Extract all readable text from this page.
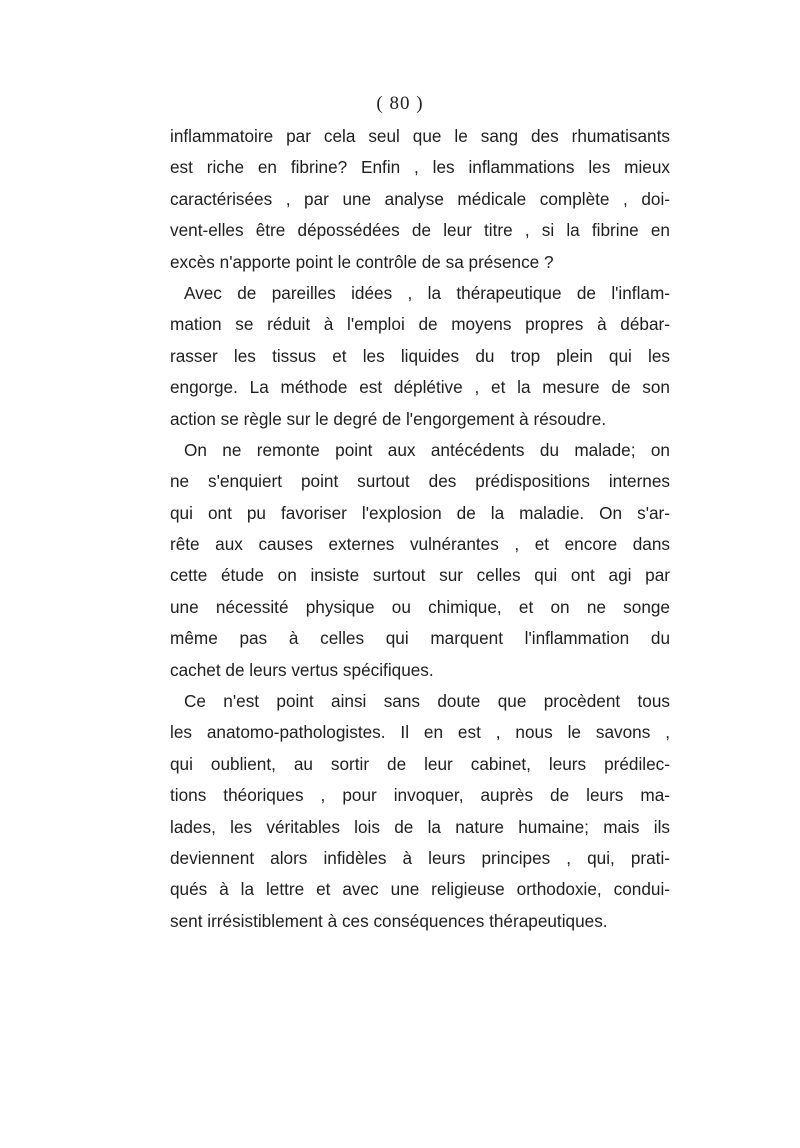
( 80 )
inflammatoire par cela seul que le sang des rhumatisants
est riche en fibrine? Enfin , les inflammations les mieux
caractérisées , par une analyse médicale complète , doi-
vent-elles être dépossédées de leur titre , si la fibrine en
excès n'apporte point le contrôle de sa présence ?
Avec de pareilles idées , la thérapeutique de l'inflam-
mation se réduit à l'emploi de moyens propres à débar-
rasser les tissus et les liquides du trop plein qui les
engorge. La méthode est déplétive , et la mesure de son
action se règle sur le degré de l'engorgement à résoudre.
On ne remonte point aux antécédents du malade; on
ne s'enquiert point surtout des prédispositions internes
qui ont pu favoriser l'explosion de la maladie. On s'ar-
rête aux causes externes vulnérantes , et encore dans
cette étude on insiste surtout sur celles qui ont agi par
une nécessité physique ou chimique, et on ne songe
même pas à celles qui marquent l'inflammation du
cachet de leurs vertus spécifiques.
Ce n'est point ainsi sans doute que procèdent tous
les anatomo-pathologistes. Il en est , nous le savons ,
qui oublient, au sortir de leur cabinet, leurs prédilec-
tions théoriques , pour invoquer, auprès de leurs ma-
lades, les véritables lois de la nature humaine; mais ils
deviennent alors infidèles à leurs principes , qui, prati-
qués à la lettre et avec une religieuse orthodoxie, condui-
sent irrésistiblement à ces conséquences thérapeutiques.
